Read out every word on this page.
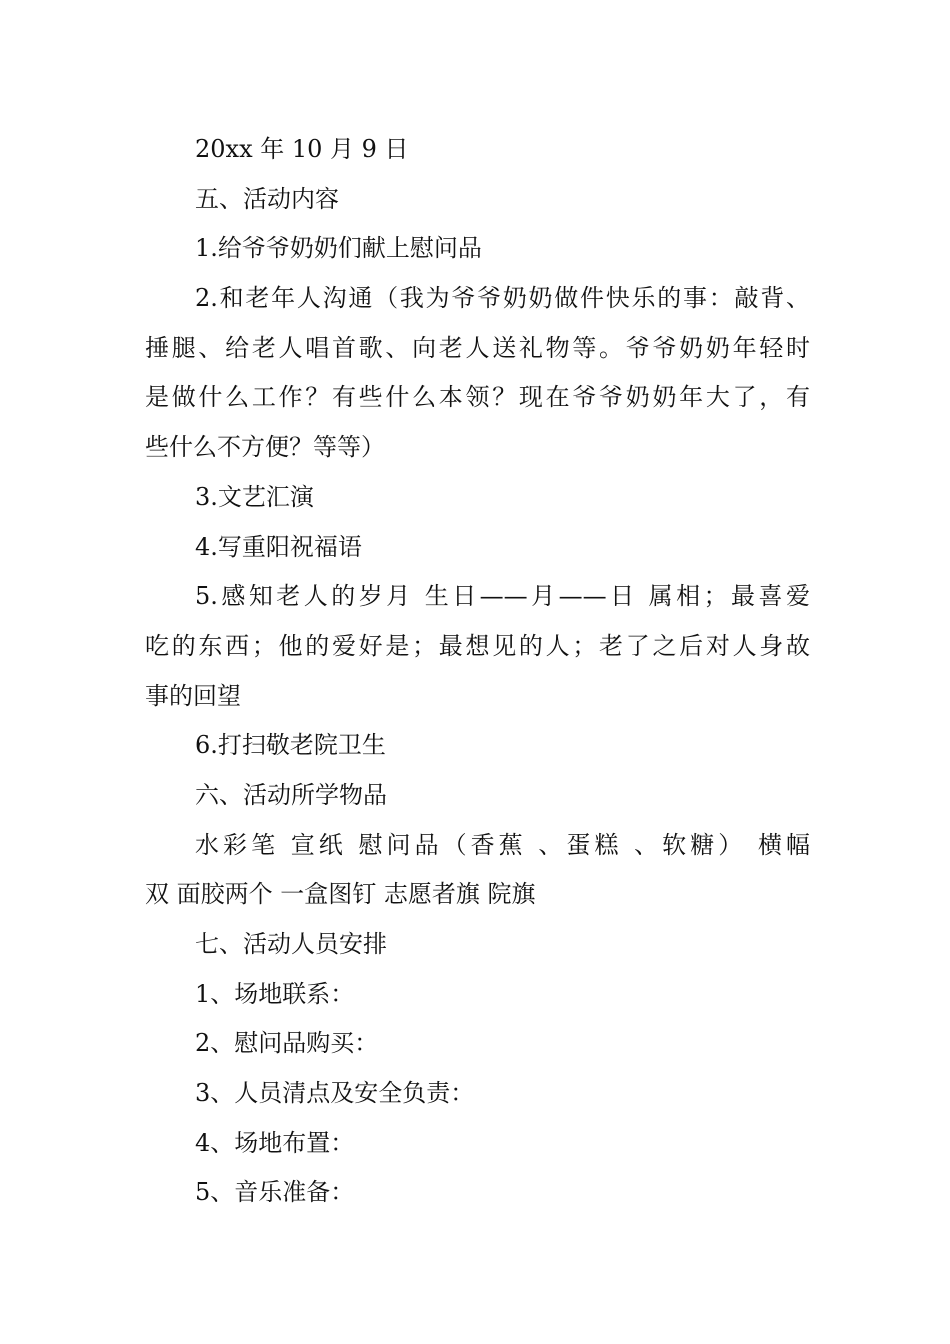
20xx 年 10 月 9 日
五、活动内容
1.给爷爷奶奶们献上慰问品
2.和老年人沟通（我为爷爷奶奶做件快乐的事：敲背、
捶腿、给老人唱首歌、向老人送礼物等。爷爷奶奶年轻时
是做什么工作？有些什么本领？现在爷爷奶奶年大了，有
些什么不方便？等等）
3.文艺汇演
4.写重阳祝福语
5.感知老人的岁月 生日——月——日 属相；最喜爱
吃的东西；他的爱好是；最想见的人；老了之后对人身故
事的回望
6.打扫敬老院卫生
六、活动所学物品
水彩笔 宣纸 慰问品（香蕉 、蛋糕 、软糖） 横幅
双 面胶两个 一盒图钉 志愿者旗 院旗
七、活动人员安排
1、场地联系：
2、慰问品购买：
3、人员清点及安全负责：
4、场地布置：
5、音乐准备：
